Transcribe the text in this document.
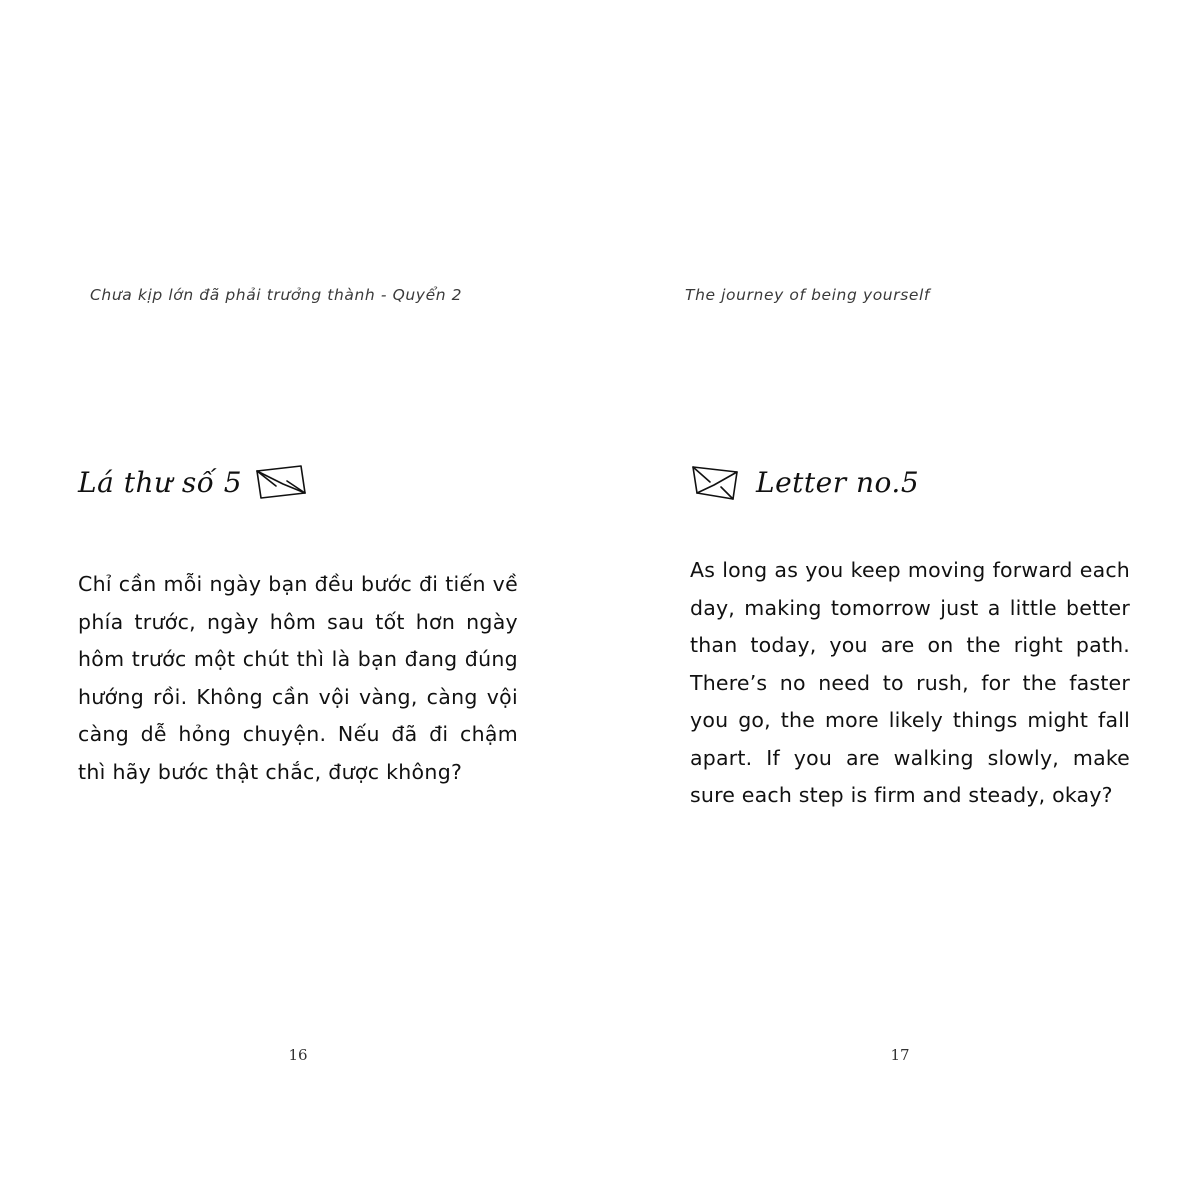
Chưa kịp lớn đã phải trưởng thành - Quyển 2
Lá thư số 5

Chỉ cần mỗi ngày bạn đều bước đi tiến về phía trước, ngày hôm sau tốt hơn ngày hôm trước một chút thì là bạn đang đúng hướng rồi. Không cần vội vàng, càng vội càng dễ hỏng chuyện. Nếu đã đi chậm thì hãy bước thật chắc, được không?

16
The journey of being yourself
Letter no.5

As long as you keep moving forward each day, making tomorrow just a little better than today, you are on the right path. There’s no need to rush, for the faster you go, the more likely things might fall apart. If you are walking slowly, make sure each step is firm and steady, okay?

17
